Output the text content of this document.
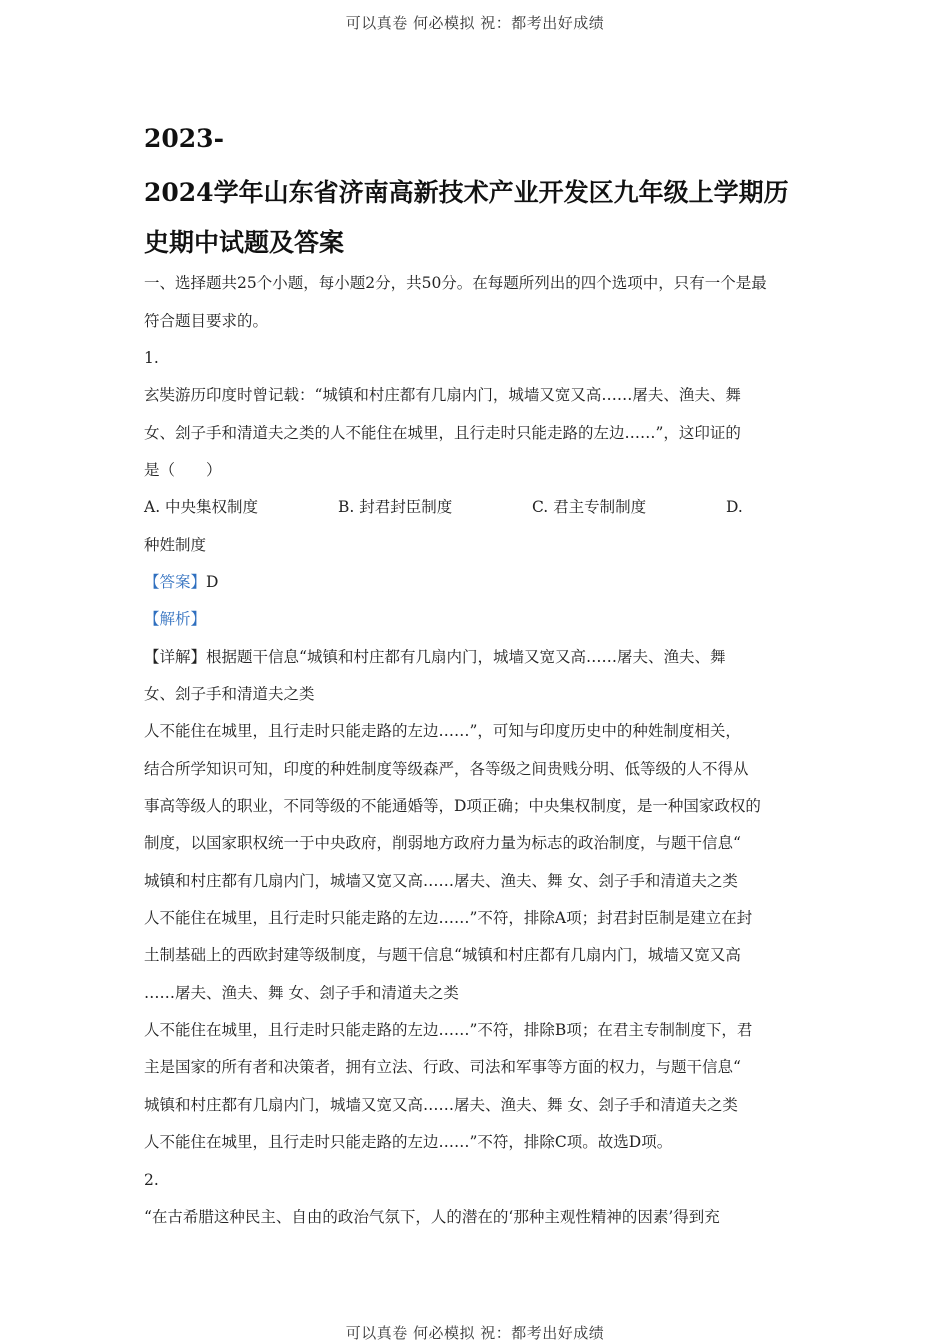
可以真卷 何必模拟 祝：都考出好成绩
2023-
2024学年山东省济南高新技术产业开发区九年级上学期历
史期中试题及答案
一、选择题共25个小题，每小题2分，共50分。在每题所列出的四个选项中，只有一个是最
符合题目要求的。
1.
玄奘游历印度时曾记载：“城镇和村庄都有几扇内门，城墙又宽又高……屠夫、渔夫、舞
女、刽子手和清道夫之类的人不能住在城里，且行走时只能走路的左边……”，这印证的
是（　　）
A. 中央集权制度	B. 封君封臣制度	C. 君主专制制度	D.
种姓制度
【答案】D
【解析】
【详解】根据题干信息“城镇和村庄都有几扇内门，城墙又宽又高……屠夫、渔夫、舞
女、刽子手和清道夫之类
人不能住在城里，且行走时只能走路的左边……”，可知与印度历史中的种姓制度相关，
结合所学知识可知，印度的种姓制度等级森严，各等级之间贵贱分明、低等级的人不得从
事高等级人的职业，不同等级的不能通婚等，D项正确；中央集权制度，是一种国家政权的
制度，以国家职权统一于中央政府，削弱地方政府力量为标志的政治制度，与题干信息“
城镇和村庄都有几扇内门，城墙又宽又高……屠夫、渔夫、舞 女、刽子手和清道夫之类
人不能住在城里，且行走时只能走路的左边……”不符，排除A项；封君封臣制是建立在封
土制基础上的西欧封建等级制度，与题干信息“城镇和村庄都有几扇内门，城墙又宽又高
……屠夫、渔夫、舞 女、刽子手和清道夫之类
人不能住在城里，且行走时只能走路的左边……”不符，排除B项；在君主专制制度下，君
主是国家的所有者和决策者，拥有立法、行政、司法和军事等方面的权力，与题干信息“
城镇和村庄都有几扇内门，城墙又宽又高……屠夫、渔夫、舞 女、刽子手和清道夫之类
人不能住在城里，且行走时只能走路的左边……”不符，排除C项。故选D项。
2.
“在古希腊这种民主、自由的政治气氛下，人的潜在的‘那种主观性精神的因素’得到充
可以真卷 何必模拟 祝：都考出好成绩
